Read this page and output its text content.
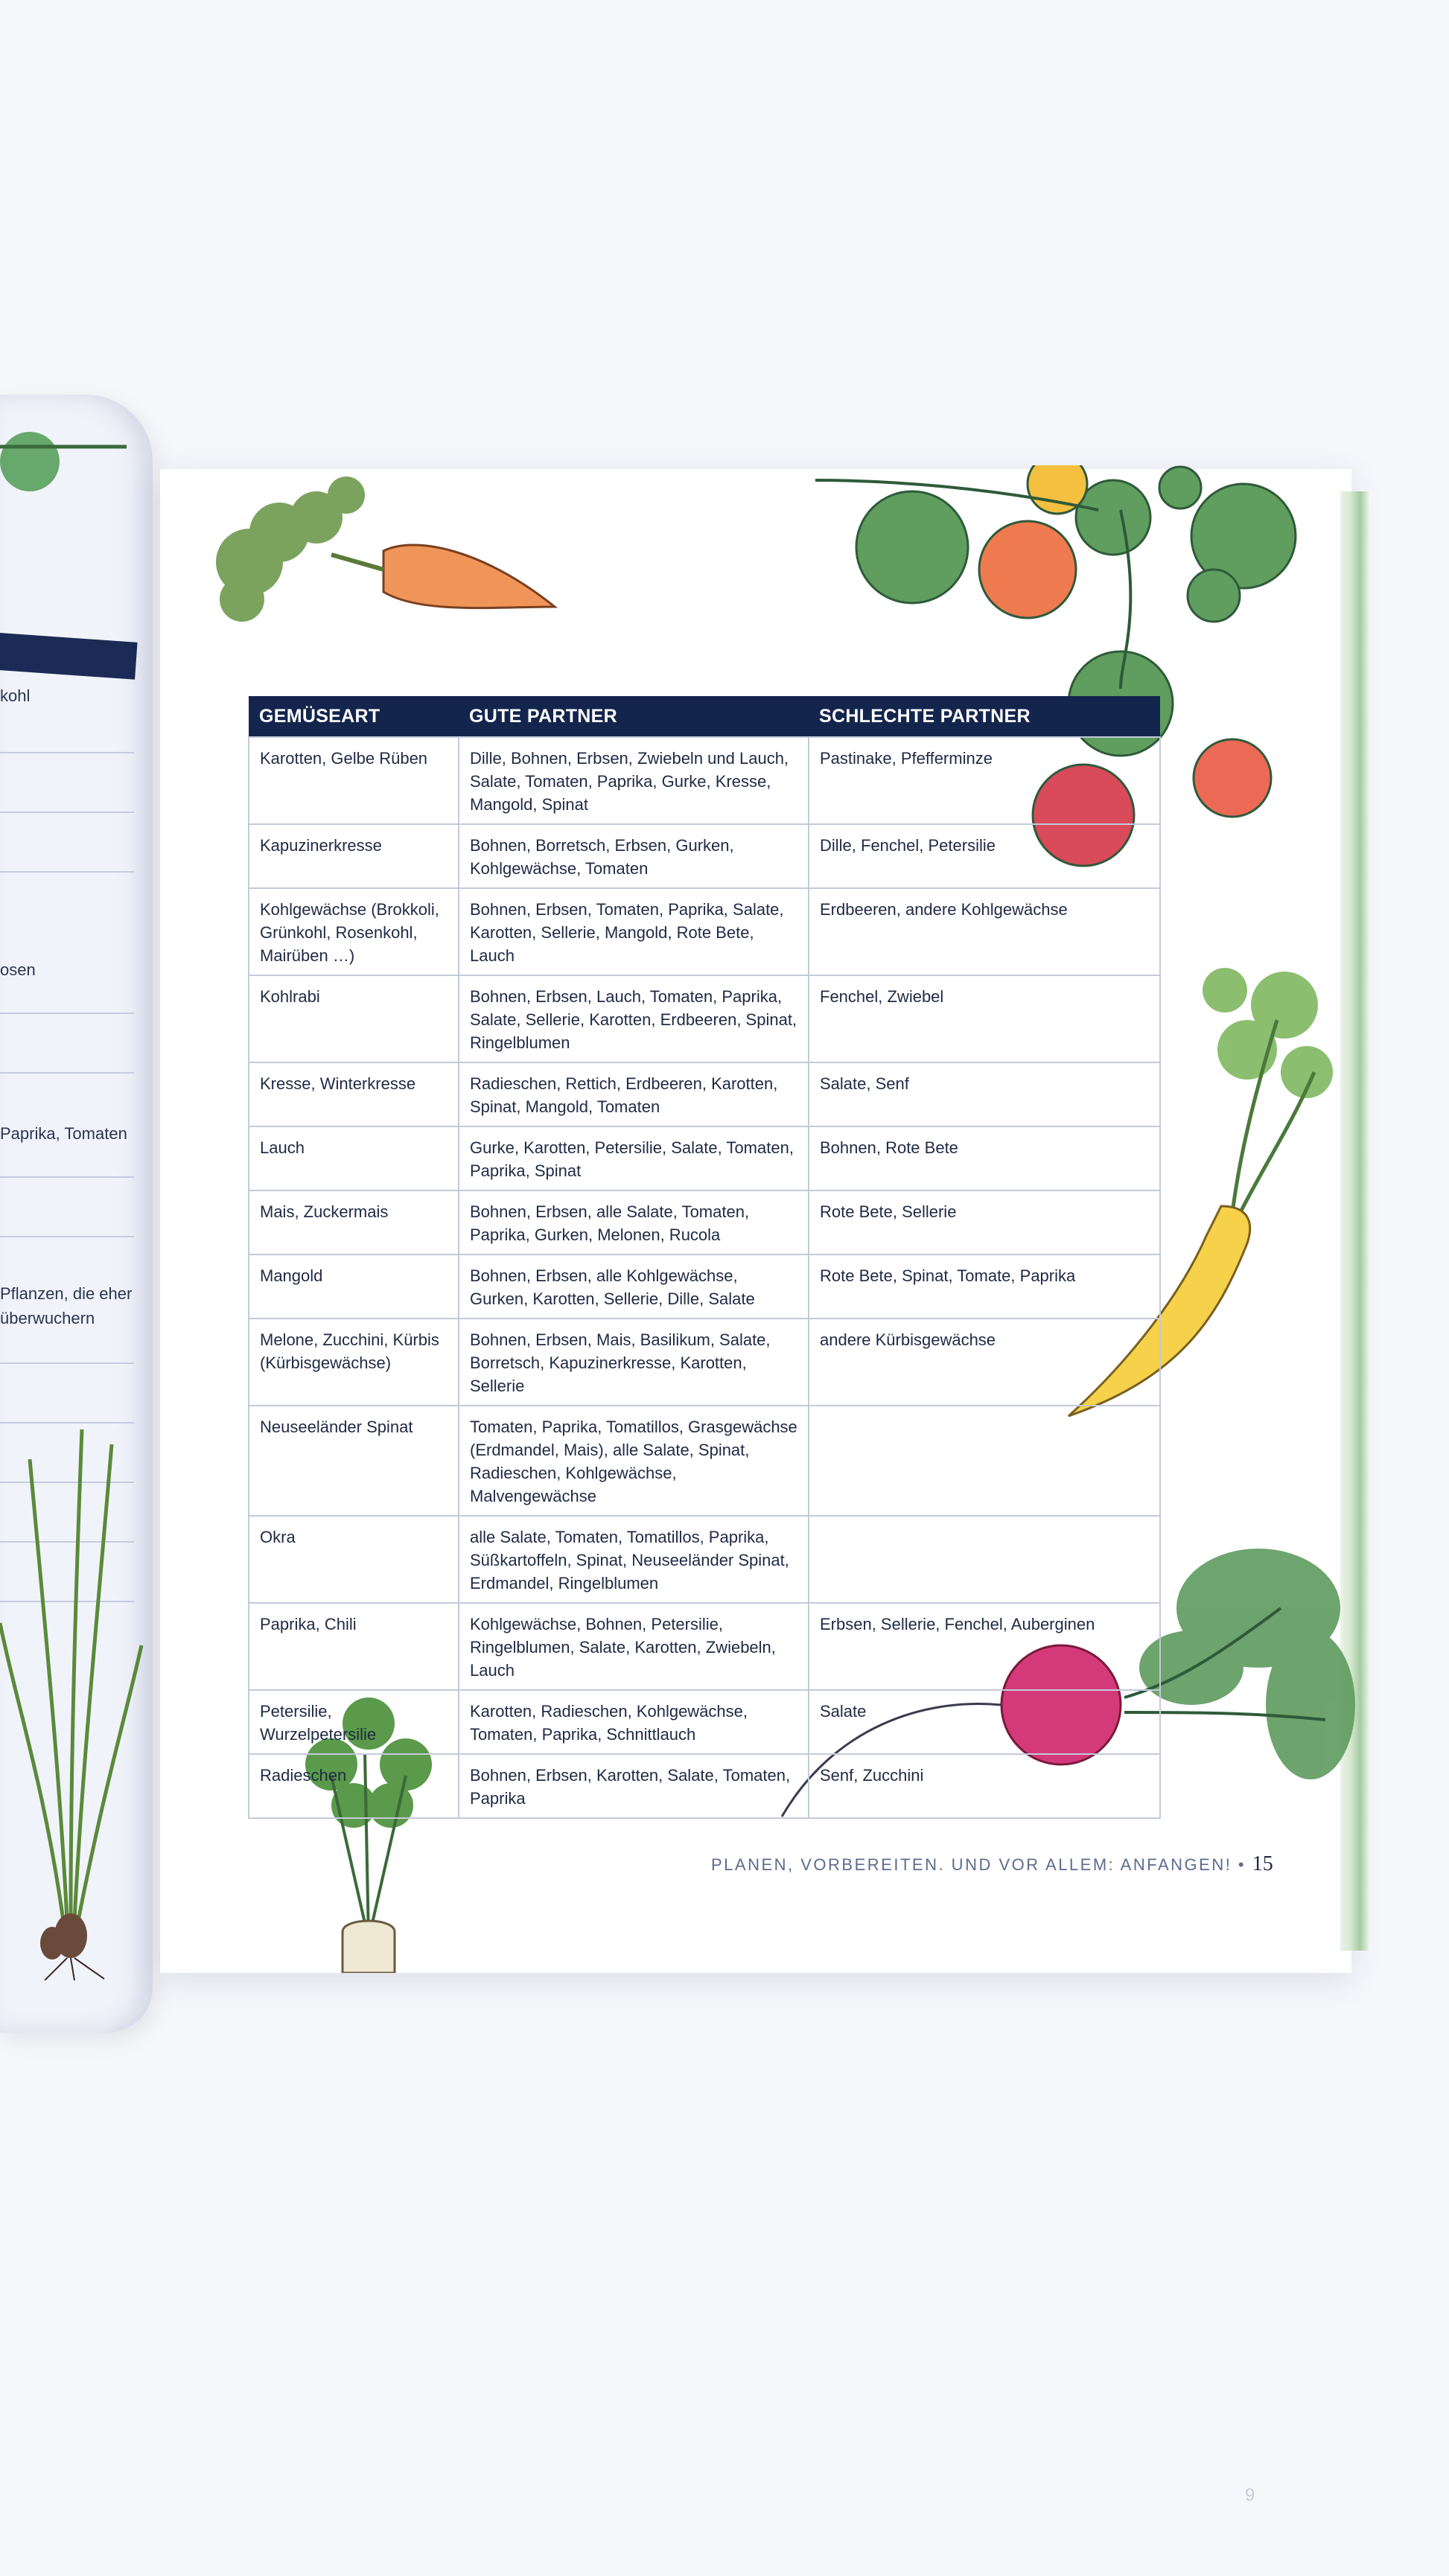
kohl
osen
Paprika, Tomaten
Pflanzen, die eher
überwuchern
GEMÜSEART	GUTE PARTNER	SCHLECHTE PARTNER
Karotten, Gelbe Rüben	Dille, Bohnen, Erbsen, Zwiebeln und Lauch, Salate, Tomaten, Paprika, Gurke, Kresse, Mangold, Spinat	Pastinake, Pfefferminze
Kapuzinerkresse	Bohnen, Borretsch, Erbsen, Gurken, Kohlgewächse, Tomaten	Dille, Fenchel, Petersilie
Kohlgewächse (Brokkoli, Grünkohl, Rosenkohl, Mairüben …)	Bohnen, Erbsen, Tomaten, Paprika, Salate, Karotten, Sellerie, Mangold, Rote Bete, Lauch	Erdbeeren, andere Kohlgewächse
Kohlrabi	Bohnen, Erbsen, Lauch, Tomaten, Paprika, Salate, Sellerie, Karotten, Erdbeeren, Spinat, Ringelblumen	Fenchel, Zwiebel
Kresse, Winterkresse	Radieschen, Rettich, Erdbeeren, Karotten, Spinat, Mangold, Tomaten	Salate, Senf
Lauch	Gurke, Karotten, Petersilie, Salate, Tomaten, Paprika, Spinat	Bohnen, Rote Bete
Mais, Zuckermais	Bohnen, Erbsen, alle Salate, Tomaten, Paprika, Gurken, Melonen, Rucola	Rote Bete, Sellerie
Mangold	Bohnen, Erbsen, alle Kohlgewächse, Gurken, Karotten, Sellerie, Dille, Salate	Rote Bete, Spinat, Tomate, Paprika
Melone, Zucchini, Kürbis (Kürbisgewächse)	Bohnen, Erbsen, Mais, Basilikum, Salate, Borretsch, Kapuzinerkresse, Karotten, Sellerie	andere Kürbisgewächse
Neuseeländer Spinat	Tomaten, Paprika, Tomatillos, Grasgewächse (Erdmandel, Mais), alle Salate, Spinat, Radieschen, Kohlgewächse, Malvengewächse	
Okra	alle Salate, Tomaten, Tomatillos, Paprika, Süßkartoffeln, Spinat, Neuseeländer Spinat, Erdmandel, Ringelblumen	
Paprika, Chili	Kohlgewächse, Bohnen, Petersilie, Ringelblumen, Salate, Karotten, Zwiebeln, Lauch	Erbsen, Sellerie, Fenchel, Auberginen
Petersilie, Wurzelpetersilie	Karotten, Radieschen, Kohlgewächse, Tomaten, Paprika, Schnittlauch	Salate
Radieschen	Bohnen, Erbsen, Karotten, Salate, Tomaten, Paprika	Senf, Zucchini
PLANEN, VORBEREITEN. UND VOR ALLEM: ANFANGEN! • 15
9
